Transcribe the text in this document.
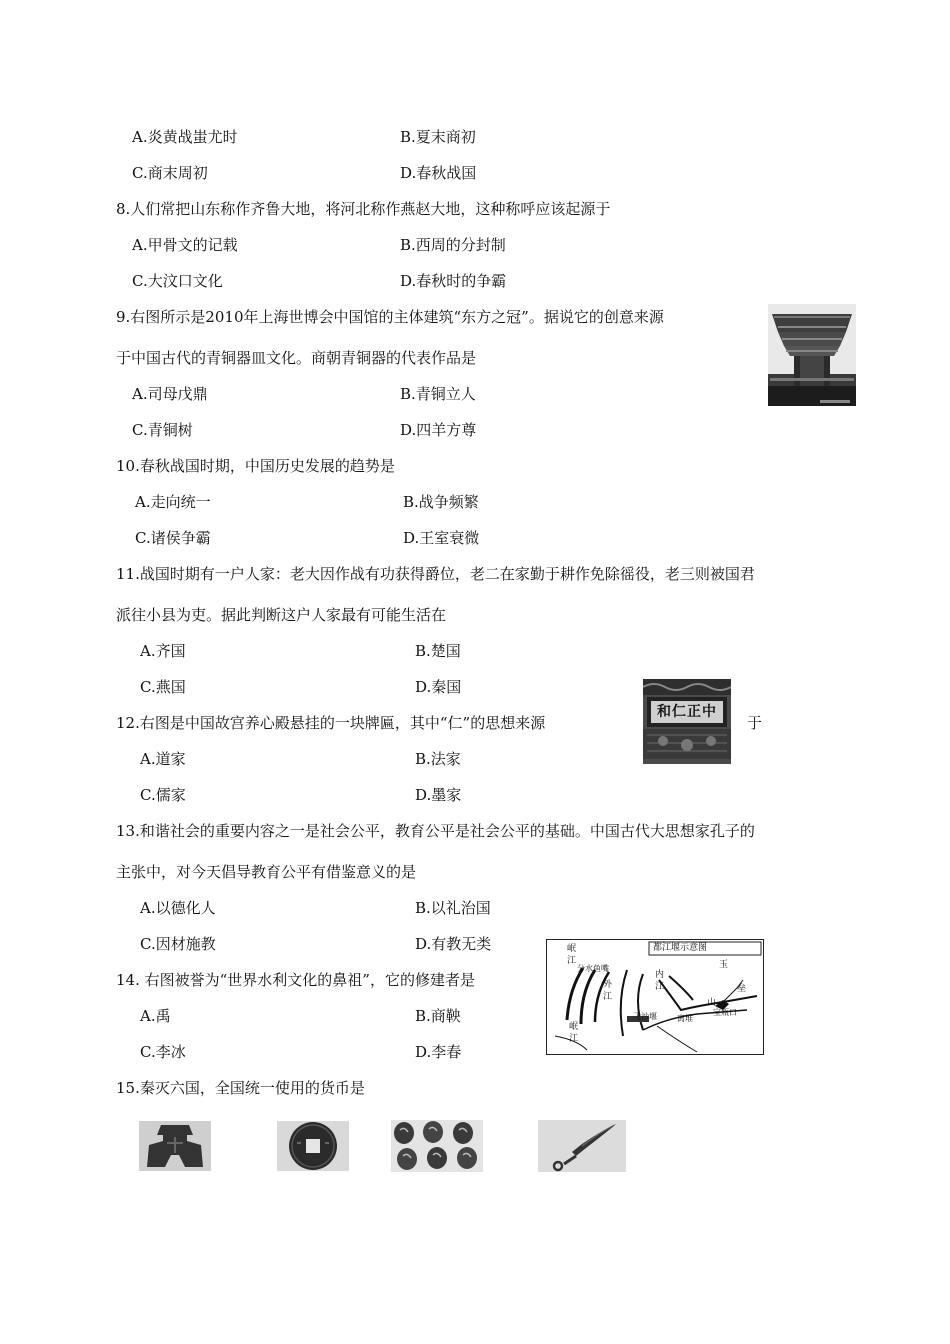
A.炎黄战蚩尤时	B.夏末商初
C.商末周初	D.春秋战国
8.人们常把山东称作齐鲁大地，将河北称作燕赵大地，这种称呼应该起源于
A.甲骨文的记载	B.西周的分封制
C.大汶口文化	D.春秋时的争霸
9.右图所示是2010年上海世博会中国馆的主体建筑“东方之冠”。据说它的创意来源
于中国古代的青铜器皿文化。商朝青铜器的代表作品是
A.司母戊鼎	B.青铜立人
C.青铜树	D.四羊方尊
10.春秋战国时期，中国历史发展的趋势是
A.走向统一	B.战争频繁
C.诸侯争霸	D.王室衰微
11.战国时期有一户人家：老大因作战有功获得爵位，老二在家勤于耕作免除徭役，老三则被国君
派往小县为吏。据此判断这户人家最有可能生活在
A.齐国	B.楚国
C.燕国	D.秦国
12.右图是中国故宫养心殿悬挂的一块牌匾，其中“仁”的思想来源	于
A.道家	B.法家
C.儒家	D.墨家
中正仁和
13.和谐社会的重要内容之一是社会公平，教育公平是社会公平的基础。中国古代大思想家孔子的
主张中，对今天倡导教育公平有借鉴意义的是
A.以德化人	B.以礼治国
C.因材施教	D.有教无类
14. 右图被誉为“世界水利文化的鼻祖”，它的修建者是
A.禹	B.商鞅
C.李冰	D.李春
都江堰示意图
岷
江
分水鱼嘴
内
江
外
江
玉
垒
山
宝瓶口
飞沙堰	离堆
岷
江
15.秦灭六国，全国统一使用的货币是
